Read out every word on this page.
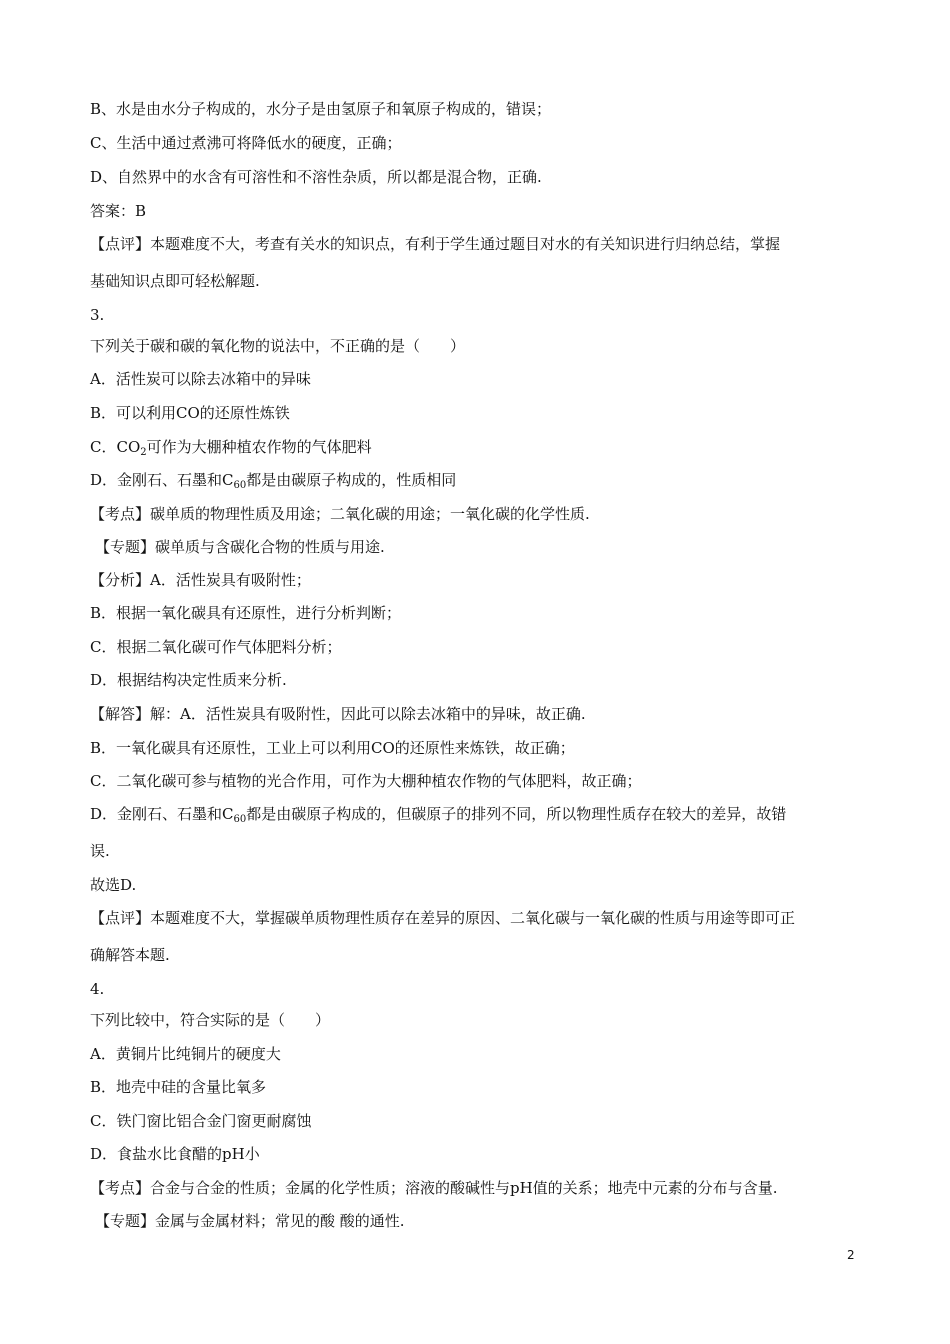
B、水是由水分子构成的，水分子是由氢原子和氧原子构成的，错误；
C、生活中通过煮沸可将降低水的硬度，正确；
D、自然界中的水含有可溶性和不溶性杂质，所以都是混合物，正确.
答案：B
【点评】本题难度不大，考查有关水的知识点，有利于学生通过题目对水的有关知识进行归纳总结，掌握
基础知识点即可轻松解题.
3.
下列关于碳和碳的氧化物的说法中，不正确的是（　　）
A．活性炭可以除去冰箱中的异味
B．可以利用CO的还原性炼铁
C．$CO_2$可作为大棚种植农作物的气体肥料
D．金刚石、石墨和$C_{60}$都是由碳原子构成的，性质相同
【考点】碳单质的物理性质及用途；二氧化碳的用途；一氧化碳的化学性质.
【专题】碳单质与含碳化合物的性质与用途.
【分析】A．活性炭具有吸附性；
B．根据一氧化碳具有还原性，进行分析判断；
C．根据二氧化碳可作气体肥料分析；
D．根据结构决定性质来分析.
【解答】解：A．活性炭具有吸附性，因此可以除去冰箱中的异味，故正确.
B．一氧化碳具有还原性，工业上可以利用CO的还原性来炼铁，故正确；
C．二氧化碳可参与植物的光合作用，可作为大棚种植农作物的气体肥料，故正确；
D．金刚石、石墨和$C_{60}$都是由碳原子构成的，但碳原子的排列不同，所以物理性质存在较大的差异，故错
误.
故选D.
【点评】本题难度不大，掌握碳单质物理性质存在差异的原因、二氧化碳与一氧化碳的性质与用途等即可正
确解答本题.
4.
下列比较中，符合实际的是（　　）
A．黄铜片比纯铜片的硬度大
B．地壳中硅的含量比氧多
C．铁门窗比铝合金门窗更耐腐蚀
D．食盐水比食醋的pH小
【考点】合金与合金的性质；金属的化学性质；溶液的酸碱性与pH值的关系；地壳中元素的分布与含量.
【专题】金属与金属材料；常见的酸 酸的通性.
2
